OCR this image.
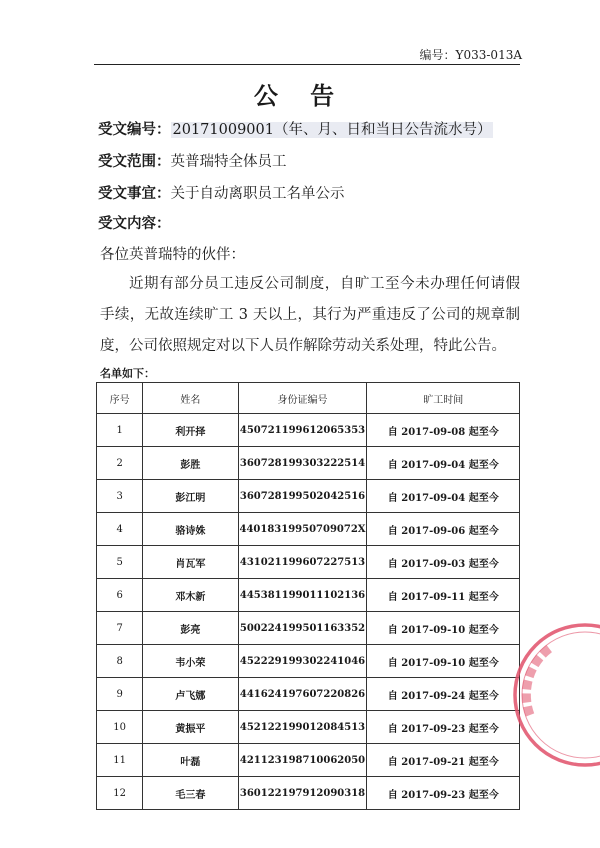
编号：Y033-013A
公 告
受文编号： 20171009001（年、月、日和当日公告流水号）
受文范围：英普瑞特全体员工
受文事宜：关于自动离职员工名单公示
受文内容：
各位英普瑞特的伙伴：
近期有部分员工违反公司制度，自旷工至今未办理任何请假手续，无故连续旷工 3 天以上，其行为严重违反了公司的规章制度，公司依照规定对以下人员作解除劳动关系处理，特此公告。
名单如下：
序号	姓名	身份证编号	旷工时间
1	利开择	450721199612065353	自 2017-09-08 起至今
2	彭胜	360728199303222514	自 2017-09-04 起至今
3	彭江明	360728199502042516	自 2017-09-04 起至今
4	骆诗姝	44018319950709072X	自 2017-09-06 起至今
5	肖瓦军	431021199607227513	自 2017-09-03 起至今
6	邓木新	445381199011102136	自 2017-09-11 起至今
7	彭亮	500224199501163352	自 2017-09-10 起至今
8	韦小荣	452229199302241046	自 2017-09-10 起至今
9	卢飞娜	441624197607220826	自 2017-09-24 起至今
10	黄振平	452122199012084513	自 2017-09-23 起至今
11	叶磊	421123198710062050	自 2017-09-21 起至今
12	毛三春	360122197912090318	自 2017-09-23 起至今
